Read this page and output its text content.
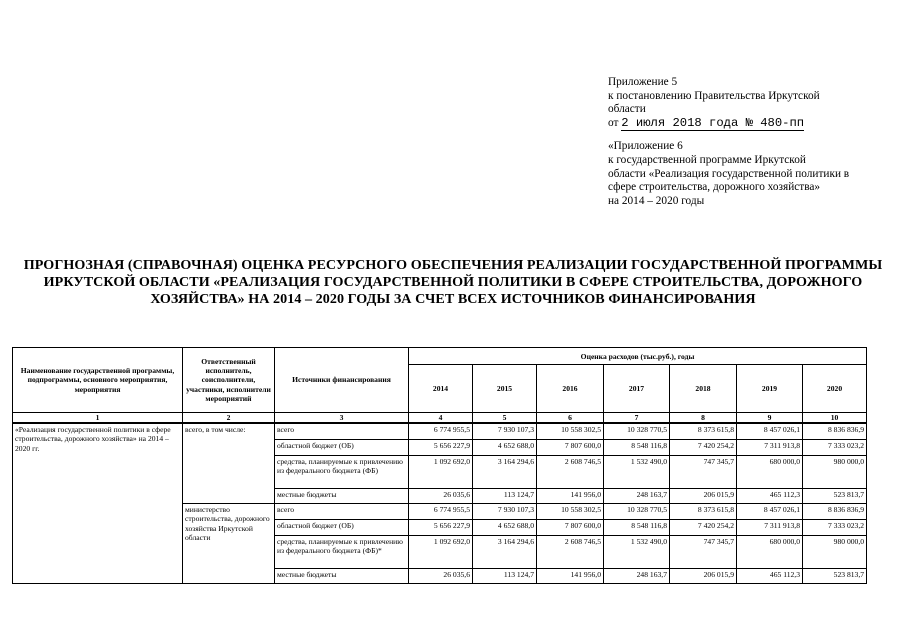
Приложение 5
к постановлению Правительства Иркутской
области
от 2 июля 2018 года № 480-пп
«Приложение 6
к государственной программе Иркутской
области «Реализация государственной политики в сфере строительства, дорожного хозяйства»
на 2014 – 2020 годы
ПРОГНОЗНАЯ (СПРАВОЧНАЯ) ОЦЕНКА РЕСУРСНОГО ОБЕСПЕЧЕНИЯ РЕАЛИЗАЦИИ ГОСУДАРСТВЕННОЙ ПРОГРАММЫ ИРКУТСКОЙ ОБЛАСТИ «РЕАЛИЗАЦИЯ ГОСУДАРСТВЕННОЙ ПОЛИТИКИ В СФЕРЕ СТРОИТЕЛЬСТВА, ДОРОЖНОГО ХОЗЯЙСТВА» НА 2014 – 2020 ГОДЫ ЗА СЧЕТ ВСЕХ ИСТОЧНИКОВ ФИНАНСИРОВАНИЯ
Наименование государственной программы, подпрограммы, основного мероприятия, мероприятия	Ответственный исполнитель, соисполнители, участники, исполнители мероприятий	Источники финансирования	Оценка расходов (тыс.руб.), годы						
			2014	2015	2016	2017	2018	2019	2020
1	2	3	4	5	6	7	8	9	10
«Реализация государственной политики в сфере строительства, дорожного хозяйства» на 2014 – 2020 гг.	всего, в том числе:	всего	6 774 955,5	7 930 107,3	10 558 302,5	10 328 770,5	8 373 615,8	8 457 026,1	8 836 836,9
		областной бюджет (ОБ)	5 656 227,9	4 652 688,0	7 807 600,0	8 548 116,8	7 420 254,2	7 311 913,8	7 333 023,2
		средства, планируемые к привлечению из федерального бюджета (ФБ)	1 092 692,0	3 164 294,6	2 608 746,5	1 532 490,0	747 345,7	680 000,0	980 000,0
		местные бюджеты	26 035,6	113 124,7	141 956,0	248 163,7	206 015,9	465 112,3	523 813,7
	министерство строительства, дорожного хозяйства Иркутской области	всего	6 774 955,5	7 930 107,3	10 558 302,5	10 328 770,5	8 373 615,8	8 457 026,1	8 836 836,9
		областной бюджет (ОБ)	5 656 227,9	4 652 688,0	7 807 600,0	8 548 116,8	7 420 254,2	7 311 913,8	7 333 023,2
		средства, планируемые к привлечению из федерального бюджета (ФБ)*	1 092 692,0	3 164 294,6	2 608 746,5	1 532 490,0	747 345,7	680 000,0	980 000,0
		местные бюджеты	26 035,6	113 124,7	141 956,0	248 163,7	206 015,9	465 112,3	523 813,7
